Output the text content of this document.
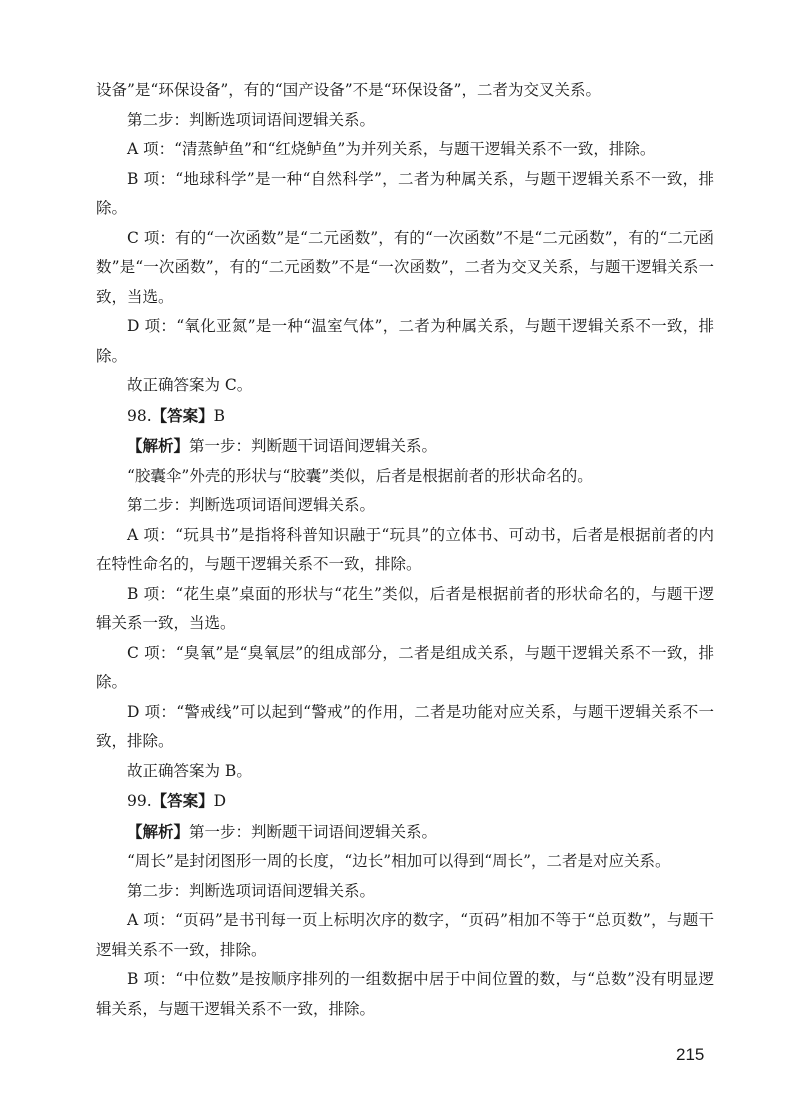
设备”是“环保设备”，有的“国产设备”不是“环保设备”，二者为交叉关系。

第二步：判断选项词语间逻辑关系。

A 项：“清蒸鲈鱼”和“红烧鲈鱼”为并列关系，与题干逻辑关系不一致，排除。

B 项：“地球科学”是一种“自然科学”，二者为种属关系，与题干逻辑关系不一致，排除。

C 项：有的“一次函数”是“二元函数”，有的“一次函数”不是“二元函数”，有的“二元函数”是“一次函数”，有的“二元函数”不是“一次函数”，二者为交叉关系，与题干逻辑关系一致，当选。

D 项：“氧化亚氮”是一种“温室气体”，二者为种属关系，与题干逻辑关系不一致，排除。

故正确答案为 C。

98.【答案】B

【解析】第一步：判断题干词语间逻辑关系。

“胶囊伞”外壳的形状与“胶囊”类似，后者是根据前者的形状命名的。

第二步：判断选项词语间逻辑关系。

A 项：“玩具书”是指将科普知识融于“玩具”的立体书、可动书，后者是根据前者的内在特性命名的，与题干逻辑关系不一致，排除。

B 项：“花生桌”桌面的形状与“花生”类似，后者是根据前者的形状命名的，与题干逻辑关系一致，当选。

C 项：“臭氧”是“臭氧层”的组成部分，二者是组成关系，与题干逻辑关系不一致，排除。

D 项：“警戒线”可以起到“警戒”的作用，二者是功能对应关系，与题干逻辑关系不一致，排除。

故正确答案为 B。

99.【答案】D

【解析】第一步：判断题干词语间逻辑关系。

“周长”是封闭图形一周的长度，“边长”相加可以得到“周长”，二者是对应关系。

第二步：判断选项词语间逻辑关系。

A 项：“页码”是书刊每一页上标明次序的数字，“页码”相加不等于“总页数”，与题干逻辑关系不一致，排除。

B 项：“中位数”是按顺序排列的一组数据中居于中间位置的数，与“总数”没有明显逻辑关系，与题干逻辑关系不一致，排除。

215
